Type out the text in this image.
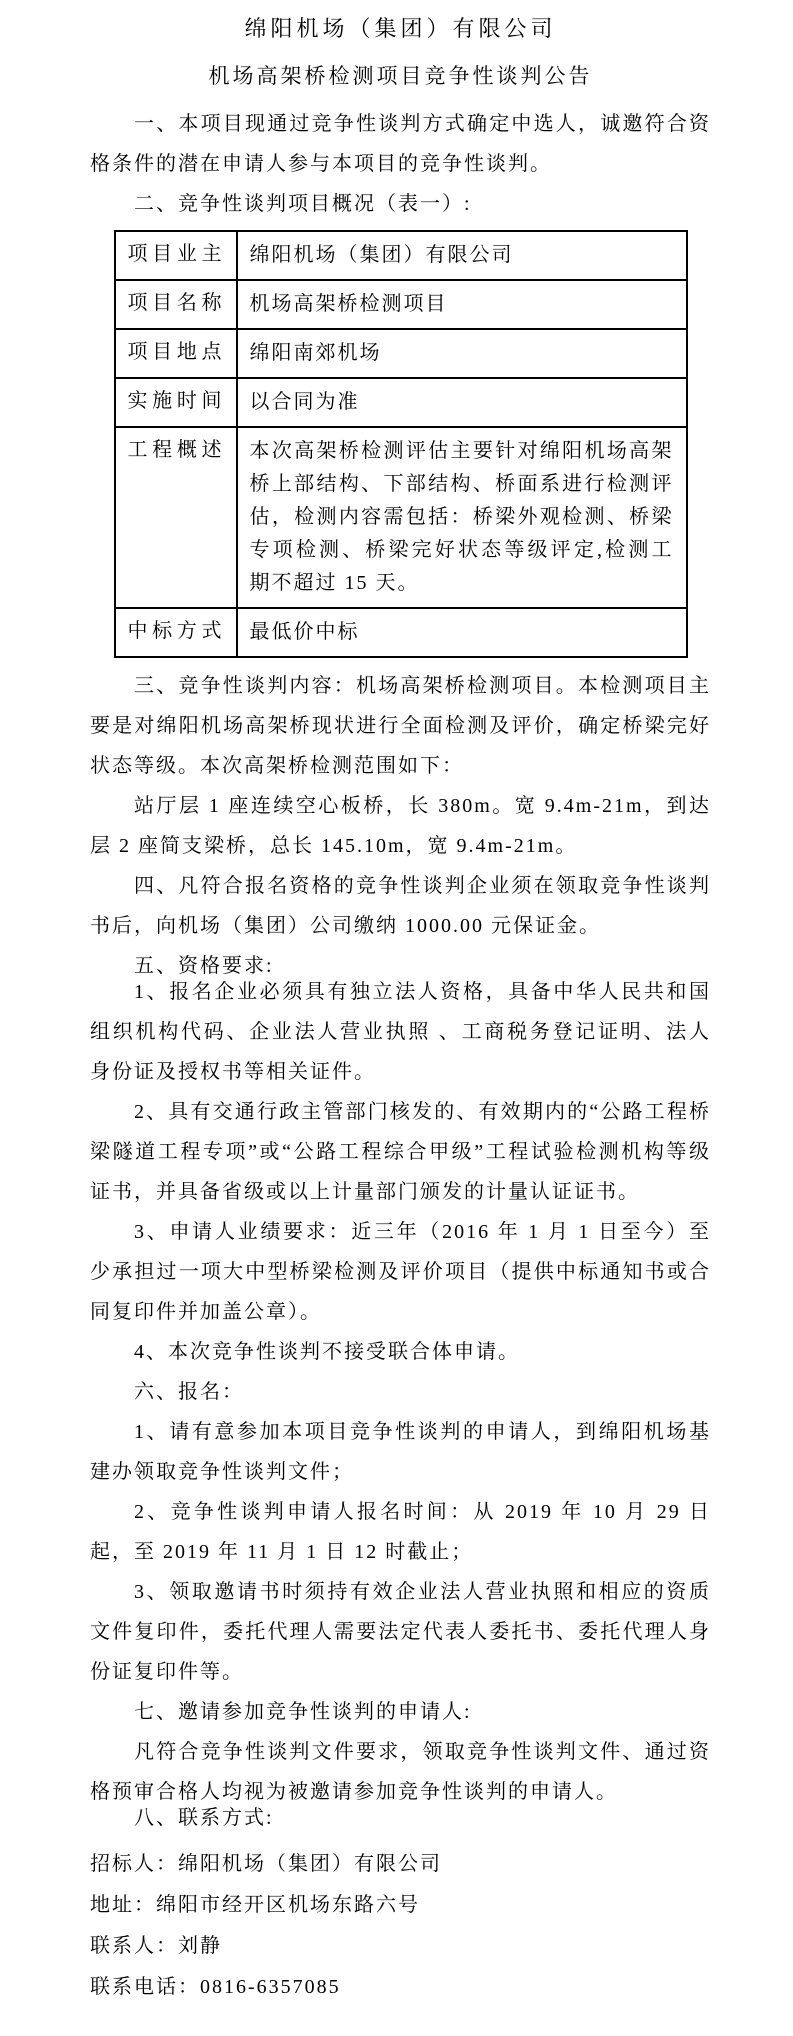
绵阳机场（集团）有限公司
机场高架桥检测项目竞争性谈判公告

一、本项目现通过竞争性谈判方式确定中选人，诚邀符合资格条件的潜在申请人参与本项目的竞争性谈判。

二、竞争性谈判项目概况（表一）:

项目业主	绵阳机场（集团）有限公司
项目名称	机场高架桥检测项目
项目地点	绵阳南郊机场
实施时间	以合同为准
工程概述	本次高架桥检测评估主要针对绵阳机场高架桥上部结构、下部结构、桥面系进行检测评估，检测内容需包括：桥梁外观检测、桥梁专项检测、桥梁完好状态等级评定,检测工期不超过 15 天。
中标方式	最低价中标

三、竞争性谈判内容：机场高架桥检测项目。本检测项目主要是对绵阳机场高架桥现状进行全面检测及评价，确定桥梁完好状态等级。本次高架桥检测范围如下：

站厅层 1 座连续空心板桥，长 380m。宽 9.4m-21m，到达层 2 座简支梁桥，总长 145.10m，宽 9.4m-21m。

四、凡符合报名资格的竞争性谈判企业须在领取竞争性谈判书后，向机场（集团）公司缴纳 1000.00 元保证金。

五、资格要求:

1、报名企业必须具有独立法人资格，具备中华人民共和国组织机构代码、企业法人营业执照 、工商税务登记证明、法人身份证及授权书等相关证件。

2、具有交通行政主管部门核发的、有效期内的“公路工程桥梁隧道工程专项”或“公路工程综合甲级”工程试验检测机构等级证书，并具备省级或以上计量部门颁发的计量认证证书。

3、申请人业绩要求：近三年（2016 年 1 月 1 日至今）至少承担过一项大中型桥梁检测及评价项目（提供中标通知书或合同复印件并加盖公章）。

4、本次竞争性谈判不接受联合体申请。

六、报名：

1、请有意参加本项目竞争性谈判的申请人，到绵阳机场基建办领取竞争性谈判文件；

2、竞争性谈判申请人报名时间：从 2019 年 10 月 29 日起，至 2019 年 11 月 1 日 12 时截止；

3、领取邀请书时须持有效企业法人营业执照和相应的资质文件复印件，委托代理人需要法定代表人委托书、委托代理人身份证复印件等。

七、邀请参加竞争性谈判的申请人:

凡符合竞争性谈判文件要求，领取竞争性谈判文件、通过资格预审合格人均视为被邀请参加竞争性谈判的申请人。

八、联系方式:

招标人：绵阳机场（集团）有限公司

地址：绵阳市经开区机场东路六号

联系人：刘静

联系电话：0816-6357085
